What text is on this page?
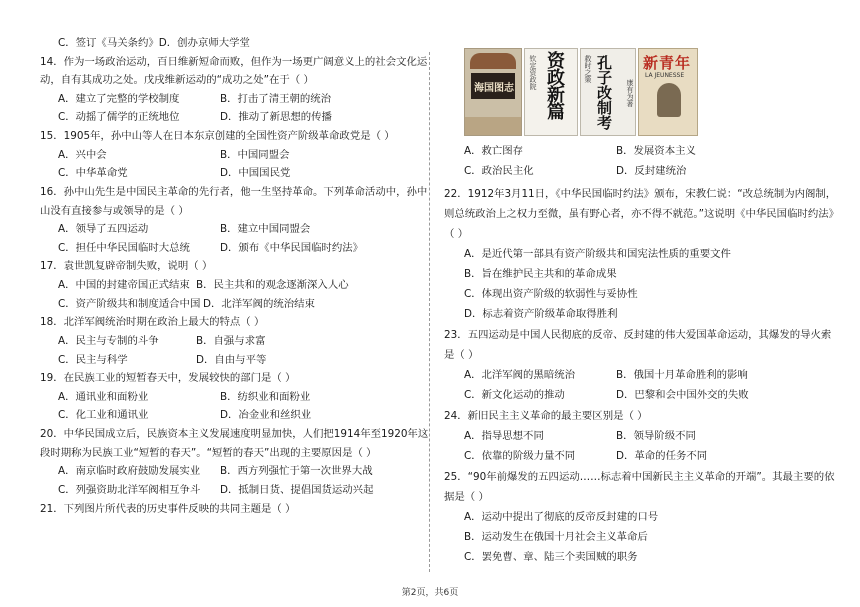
C．签订《马关条约》D．创办京师大学堂
14．作为一场政治运动，百日维新短命而败，但作为一场更广阔意义上的社会文化运
动，自有其成功之处。戊戌维新运动的“成功之处”在于（ ）
A．建立了完整的学校制度	B．打击了清王朝的统治
C．动摇了儒学的正统地位	D．推动了新思想的传播
15．1905年，孙中山等人在日本东京创建的全国性资产阶级革命政党是（ ）
A．兴中会	B．中国同盟会
C．中华革命党	D．中国国民党
16．孙中山先生是中国民主革命的先行者，他一生坚持革命。下列革命活动中，孙中
山没有直接参与或领导的是（ ）
A．领导了五四运动	B．建立中国同盟会
C．担任中华民国临时大总统	D．颁布《中华民国临时约法》
17．袁世凯复辟帝制失败，说明（ ）
A．中国的封建帝国正式结束 B．民主共和的观念逐渐深入人心
C．资产阶级共和制度适合中国 D．北洋军阀的统治结束
18．北洋军阀统治时期在政治上最大的特点（ ）
A．民主与专制的斗争	B．自强与求富
C．民主与科学	D．自由与平等
19．在民族工业的短暂春天中，发展较快的部门是（ ）
A．通讯业和面粉业	B．纺织业和面粉业
C．化工业和通讯业	D．冶金业和丝织业
20．中华民国成立后，民族资本主义发展速度明显加快，人们把1914年至1920年这
海国图志 钦定资政院 资政新篇	救时之策 孔子改制考 康有为著
新青年
LA JEUNESSE
A．救亡图存	B．发展资本主义
C．政治民主化	D．反封建统治
22．1912年3月11日，《中华民国临时约法》颁布，宋教仁说：“改总统制为内阁制，
则总统政治上之权力至微，虽有野心者，亦不得不就范。”这说明《中华民国临时约法》
（ ）
A．是近代第一部具有资产阶级共和国宪法性质的重要文件
B．旨在维护民主共和的革命成果
C．体现出资产阶级的软弱性与妥协性
D．标志着资产阶级革命取得胜利
23．五四运动是中国人民彻底的反帝、反封建的伟大爱国革命运动，其爆发的导火索
是（ ）
A．北洋军阀的黑暗统治	B．俄国十月革命胜利的影响
C．新文化运动的推动	D．巴黎和会中国外交的失败
24．新旧民主主义革命的最主要区别是（ ）
A．指导思想不同	B．领导阶级不同
C．依靠的阶级力量不同	D．革命的任务不同
25．“90年前爆发的五四运动……标志着中国新民主主义革命的开端”。其最主要的依
据是（ ）
A．运动中提出了彻底的反帝反封建的口号
B．运动发生在俄国十月社会主义革命后
C．罢免曹、章、陆三个卖国贼的职务
第2页，共6页
段时期称为民族工业“短暂的春天”。“短暂的春天”出现的主要原因是（ ）
A．南京临时政府鼓励发展实业 B．西方列强忙于第一次世界大战
C．列强资助北洋军阀相互争斗 D．抵制日货、提倡国货运动兴起
21．下列图片所代表的历史事件反映的共同主题是（ ）
